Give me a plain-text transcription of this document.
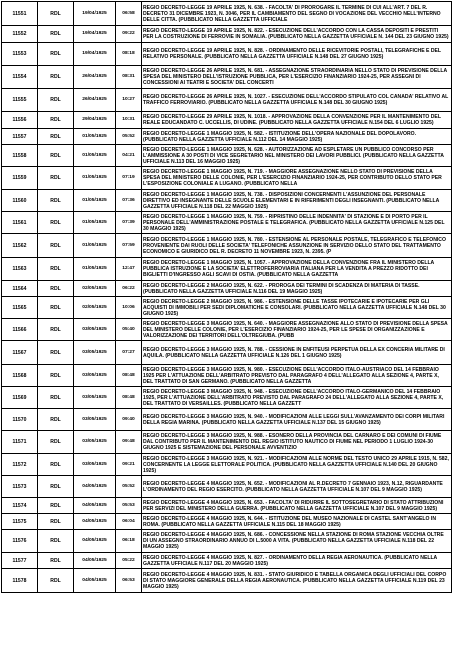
11551	RDL	19/04/1925	06:58	REGIO DECRETO-LEGGE 19 APRILE 1925, N. 638. - FACOLTA' DI PROROGARE IL TERMINE DI CUI ALL'ART. 7 DEL R. DECRETO 31 DICEMBRE 1923, N. 3046, PER IL CAMBIAMENTO DEL SEGNO DI VOCAZIONE DEL VECCHIO NELL'INTERNO DELLE CITTA. (PUBBLICATO NELLA GAZZETTA UFFICIALE
11552	RDL	19/04/1925	09:22	REGIO DECRETO-LEGGE 19 APRILE 1925, N. 822. - ESECUZIONE DELL'ACCORDO CON LA CASSA DEPOSITI E PRESTITI PER LA COSTRUZIONE DI FERROVIE IN SOMALIA. (PUBBLICATO NELLA GAZZETTA UFFICIALE N. 144 DEL 23 GIUGNO 1925)
11553	RDL	19/04/1925	08:18	REGIO DECRETO-LEGGE 19 APRILE 1925, N. 828. - ORDINAMENTO DELLE RICEVITORIE POSTALI, TELEGRAFICHE E DEL RELATIVO PERSONALE. (PUBBLICATO NELLA GAZZETTA UFFICIALE N.148 DEL 27 GIUGNO 1925)
11554	RDL	26/04/1925	08:31	REGIO DECRETO-LEGGE 26 APRILE 1925, N. 681. - ASSEGNAZIONE STRAORDINARIA NELLO STATO DI PREVISIONE DELLA SPESA DEL MINISTERO DELL'ISTRUZIONE PUBBLICA, PER L'ESERCIZIO FINANZIARIO 1924-25, PER ASSEGNI DI CONCESSIONI AI TEATRI E SOCIETA' DEL CONCERTI
11555	RDL	26/04/1925	10:27	REGIO DECRETO-LEGGE 26 APRILE 1925, N. 1027. - ESECUZIONE DELL'ACCORDO STIPULATO COL CANADA' RELATIVO AL TRAFFICO FERROVIARIO. (PUBBLICATO NELLA GAZZETTA UFFICIALE N.148 DEL 30 GIUGNO 1925)
11556	RDL	29/04/1925	10:31	REGIO DECRETO-LEGGE 29 APRILE 1925, N. 1018. - APPROVAZIONE DELLA CONVENZIONE PER IL MANTENIMENTO DEL REALE EDUCANDATO C. UCCELLIS, DI UDINE. (PUBBLICATO NELLA GAZZETTA UFFICIALE N.154 DEL 6 LUGLIO 1925)
11557	RDL	01/05/1925	05:52	REGIO DECRETO-LEGGE 1 MAGGIO 1925, N. 582. - ISTITUZIONE DELL'OPERA NAZIONALE DEL DOPOLAVORO. (PUBBLICATO NELLA GAZZETTA UFFICIALE N.112 DEL 14 MAGGIO 1925)
11558	RDL	01/05/1925	04:21	REGIO DECRETO-LEGGE 1 MAGGIO 1925, N. 628. - AUTORIZZAZIONE AD ESPLETARE UN PUBBLICO CONCORSO PER L'AMMISSIONE A 30 POSTI DI VICE SEGRETARIO NEL MINISTERO DEI LAVORI PUBBLICI. (PUBBLICATO NELLA GAZZETTA UFFICIALE N.113 DEL 16 MAGGIO 1925)
11559	RDL	01/05/1925	07:19	REGIO DECRETO-LEGGE 1 MAGGIO 1925, N. 719. - MAGGIORE ASSEGNAZIONE NELLO STATO DI PREVISIONE DELLA SPESA DEL MINISTERO DELLE COLONIE, PER L'ESERCIZIO FINANZIARIO 1924-25, PER CONTRIBUTO DELLO STATO PER L'ESPOSIZIONE COLONIALE A LUGANO. (PUBBLICATO NELLA
11560	RDL	01/05/1925	07:36	REGIO DECRETO-LEGGE 1 MAGGIO 1925, N. 738. - DISPOSIZIONI CONCERNENTI L'ASSUNZIONE DEL PERSONALE DIRETTIVO ED INSEGNANTE DELLE SCUOLE ELEMENTARI E IN RIFERIMENTI DEGLI INSEGNANTI. (PUBBLICATO NELLA GAZZETTA UFFICIALE N.118 DEL 22 MAGGIO 1925)
11561	RDL	01/05/1925	07:39	REGIO DECRETO-LEGGE 1 MAGGIO 1925, N. 759. - RIPRISTINO DELLE INDENNITA' DI STAZIONE E DI PORTO PER IL PERSONALE DELL'AMMINISTRAZIONE POSTALE E TELEGRAFICA. (PUBBLICATO NELLA GAZZETTA UFFICIALE N.125 DEL 30 MAGGIO 1925)
11562	RDL	01/05/1925	07:59	REGIO DECRETO-LEGGE 1 MAGGIO 1925, N. 780. - ESTENSIONE AL PERSONALE POSTALE, TELEGRAFICO E TELEFONICO PROVENIENTE DAI RUOLI DELLE SOCIETA' TELEFONICHE ASSUNZIONE IN SERVIZIO DELLO STATO DEL TRATTAMENTO ECONOMICO E GIURIDICO DEL R. DECRETO 11 NOVEMBRE 1923, N. 2395. (P
11563	RDL	01/05/1925	12:47	REGIO DECRETO-LEGGE 1 MAGGIO 1925, N. 1057. - APPROVAZIONE DELLA CONVENZIONE FRA IL MINISTERO DELLA PUBBLICA ISTRUZIONE E LA SOCIETA' ELETTROFERROVIARIA ITALIANA PER LA VENDITA A PREZZO RIDOTTO DEI BIGLIETTI D'INGRESSO AGLI SCAVI DI OSTIA. (PUBBLICATO NELLA GAZZETTA
11564	RDL	02/05/1925	06:22	REGIO DECRETO-LEGGE 2 MAGGIO 1925, N. 622. - PROROGA DEI TERMINI DI SCADENZA DI MATERIA DI TASSE. (PUBBLICATO NELLA GAZZETTA UFFICIALE N.116 DEL 19 MAGGIO 1925)
11565	RDL	02/05/1925	10:06	REGIO DECRETO-LEGGE 2 MAGGIO 1925, N. 986. - ESTENSIONE DELLE TASSE IPOTECARIE E IPOTECARIE PER GLI ACQUISTI DI IMMOBILI PER SEDI DIPLOMATICHE E CONSOLARI. (PUBBLICATO NELLA GAZZETTA UFFICIALE N.148 DEL 30 GIUGNO 1925)
11566	RDL	03/05/1925	05:40	REGIO DECRETO-LEGGE 3 MAGGIO 1925, N. 640. - MAGGIORE ASSEGNAZIONE ALLO STATO DI PREVISIONE DELLA SPESA DEL MINISTERO DELLE COLONIE, PER L'ESERCIZIO FINANZIARIO 1924-25, PER LE SPESE DI ORGANIZZAZIONE E VALORIZZAZIONE DEI TERRITORI DELL'OLTREGIUBA. (PUBB
11567	RDL	03/05/1925	07:27	REGIO DECRETO-LEGGE 3 MAGGIO 1925, N. 788. - CESSIONE IN ENFITEUSI PERPETUA DELLA EX CONCERIA MILITARE DI AQUILA. (PUBBLICATO NELLA GAZZETTA UFFICIALE N.126 DEL 1 GIUGNO 1925)
11568	RDL	03/05/1925	08:48	REGIO DECRETO-LEGGE 3 MAGGIO 1925, N. 980. - ESECUZIONE DELL'ACCORDO ITALO-AUSTRIACO DEL 14 FEBBRAIO 1925 PER L'ATTUAZIONE DELL'ARBITRATO PREVISTO DAL PARAGRAFO 4 DELL'ALLEGATO ALLA SEZIONE 4, PARTE X, DEL TRATTATO DI SAN GERMANO. (PUBBLICATO NELLA GAZZETTA
11569	RDL	03/05/1925	08:48	REGIO DECRETO-LEGGE 3 MAGGIO 1925, N. 948. - ESECUZIONE DELL'ACCORDO ITALO-GERMANICO DEL 14 FEBBRAIO 1925, PER L'ATTUAZIONE DELL'ARBITRATO PREVISTO DAL PARAGRAFO 24 DELL'ALLEGATO ALLA SEZIONE 4, PARTE X, DEL TRATTATO DI VERSAILLES. (PUBBLICATO NELLA GAZZETT
11570	RDL	03/05/1925	09:40	REGIO DECRETO-LEGGE 3 MAGGIO 1925, N. 940. - MODIFICAZIONI ALLE LEGGI SULL'AVANZAMENTO DEI CORPI MILITARI DELLA REGIA MARINA. (PUBBLICATO NELLA GAZZETTA UFFICIALE N.137 DEL 15 GIUGNO 1925)
11571	RDL	03/05/1925	09:48	REGIO DECRETO-LEGGE 3 MAGGIO 1925, N. 988. - ESONERO DELLA PROVINCIA DEL CARNARO E DEI COMUNI DI FIUME DAL CONTRIBUTO PER IL MANTENIMENTO DEL REGIO ISTITUTO NAUTICO DI FIUME NEL PERIODO 1 LUGLIO 1924-30 GIUGNO 1925 E SISTEMAZIONE DEL PERSONALE AVVENTIZIO
11572	RDL	03/05/1925	09:21	REGIO DECRETO-LEGGE 3 MAGGIO 1925, N. 921. - MODIFICAZIONI ALLE NORME DEL TESTO UNICO 29 APRILE 1915, N. 582, CONCERNENTE LA LEGGE ELETTORALE POLITICA. (PUBBLICATO NELLA GAZZETTA UFFICIALE N.140 DEL 20 GIUGNO 1925)
11573	RDL	04/05/1925	05:52	REGIO DECRETO-LEGGE 4 MAGGIO 1925, N. 652. - MODIFICAZIONI AL R.DECRETO 7 GENNAIO 1923, N.12, RIGUARDANTE L'ORDINAMENTO DEL REGIO ESERCITO. (PUBBLICATO NELLA GAZZETTA UFFICIALE N.107 DEL 9 MAGGIO 1925)
11574	RDL	04/05/1925	05:53	REGIO DECRETO-LEGGE 4 MAGGIO 1925, N. 653. - FACOLTA' DI RIDURRE IL SOTTOSEGRETARIO DI STATO ATTRIBUZIONI PER SERVIZI DEL MINISTERO DELLA GUERRA. (PUBBLICATO NELLA GAZZETTA UFFICIALE N.107 DEL 9 MAGGIO 1925)
11575	RDL	04/05/1925	06:04	REGIO DECRETO-LEGGE 4 MAGGIO 1925, N. 644. - ISTITUZIONE DEL MUSEO NAZIONALE DI CASTEL SANT'ANGELO IN ROMA. (PUBBLICATO NELLA GAZZETTA UFFICIALE N.115 DEL 18 MAGGIO 1925)
11576	RDL	04/05/1925	06:18	REGIO DECRETO-LEGGE 4 MAGGIO 1925, N. 686. - CONCESSIONE NELLA STAZIONE DI ROMA STAZIONE VECCHIA OLTRE DI UN ASSEGNO STRAORDINARIO ANNUO DI L.5000 A VITA. (PUBBLICATO NELLA GAZZETTA UFFICIALE N.118 DEL 22 MAGGIO 1925)
11577	RDL	04/05/1925	05:22	REGIO DECRETO-LEGGE 4 MAGGIO 1925, N. 827. - ORDINAMENTO DELLA REGIA AERONAUTICA. (PUBBLICATO NELLA GAZZETTA UFFICIALE N.117 DEL 20 MAGGIO 1925)
11578	RDL	04/05/1925	06:53	REGIO DECRETO-LEGGE 4 MAGGIO 1925, N. 831. - STATO GIURIDICO E TABELLA ORGANICA DEGLI UFFICIALI DEL CORPO DI STATO MAGGIORE GENERALE DELLA REGIA AERONAUTICA. (PUBBLICATO NELLA GAZZETTA UFFICIALE N.119 DEL 23 MAGGIO 1925)
